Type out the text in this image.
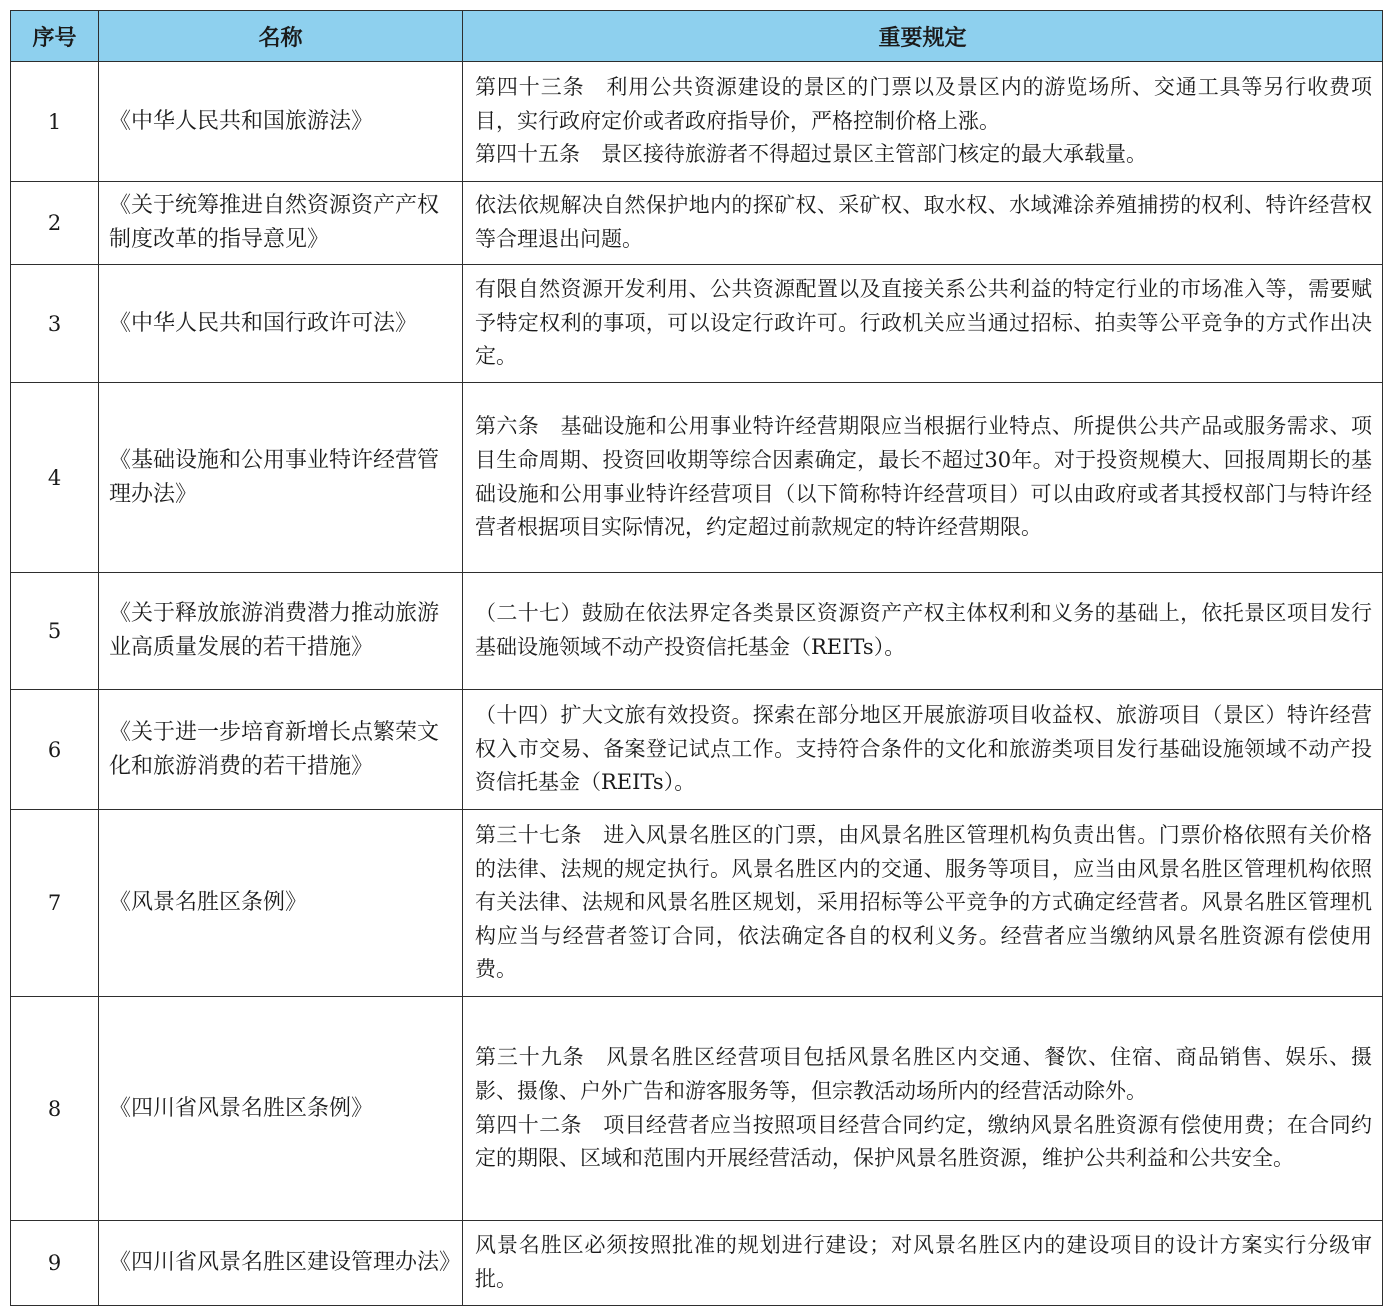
序号	名称	重要规定
1	《中华人民共和国旅游法》	第四十三条　利用公共资源建设的景区的门票以及景区内的游览场所、交通工具等另行收费项目，实行政府定价或者政府指导价，严格控制价格上涨。
第四十五条　景区接待旅游者不得超过景区主管部门核定的最大承载量。

2	《关于统筹推进自然资源资产产权制度改革的指导意见》	依法依规解决自然保护地内的探矿权、采矿权、取水权、水域滩涂养殖捕捞的权利、特许经营权等合理退出问题。

3	《中华人民共和国行政许可法》	有限自然资源开发利用、公共资源配置以及直接关系公共利益的特定行业的市场准入等，需要赋予特定权利的事项，可以设定行政许可。行政机关应当通过招标、拍卖等公平竞争的方式作出决定。

4	《基础设施和公用事业特许经营管理办法》	第六条　基础设施和公用事业特许经营期限应当根据行业特点、所提供公共产品或服务需求、项目生命周期、投资回收期等综合因素确定，最长不超过30年。对于投资规模大、回报周期长的基础设施和公用事业特许经营项目（以下简称特许经营项目）可以由政府或者其授权部门与特许经营者根据项目实际情况，约定超过前款规定的特许经营期限。

5	《关于释放旅游消费潜力推动旅游业高质量发展的若干措施》	（二十七）鼓励在依法界定各类景区资源资产产权主体权利和义务的基础上，依托景区项目发行基础设施领域不动产投资信托基金（REITs）。

6	《关于进一步培育新增长点繁荣文化和旅游消费的若干措施》	（十四）扩大文旅有效投资。探索在部分地区开展旅游项目收益权、旅游项目（景区）特许经营权入市交易、备案登记试点工作。支持符合条件的文化和旅游类项目发行基础设施领域不动产投资信托基金（REITs）。

7	《风景名胜区条例》	第三十七条　进入风景名胜区的门票，由风景名胜区管理机构负责出售。门票价格依照有关价格的法律、法规的规定执行。风景名胜区内的交通、服务等项目，应当由风景名胜区管理机构依照有关法律、法规和风景名胜区规划，采用招标等公平竞争的方式确定经营者。风景名胜区管理机构应当与经营者签订合同，依法确定各自的权利义务。经营者应当缴纳风景名胜资源有偿使用费。

8	《四川省风景名胜区条例》	第三十九条　风景名胜区经营项目包括风景名胜区内交通、餐饮、住宿、商品销售、娱乐、摄影、摄像、户外广告和游客服务等，但宗教活动场所内的经营活动除外。
第四十二条　项目经营者应当按照项目经营合同约定，缴纳风景名胜资源有偿使用费；在合同约定的期限、区域和范围内开展经营活动，保护风景名胜资源，维护公共利益和公共安全。

9	《四川省风景名胜区建设管理办法》	风景名胜区必须按照批准的规划进行建设；对风景名胜区内的建设项目的设计方案实行分级审批。
